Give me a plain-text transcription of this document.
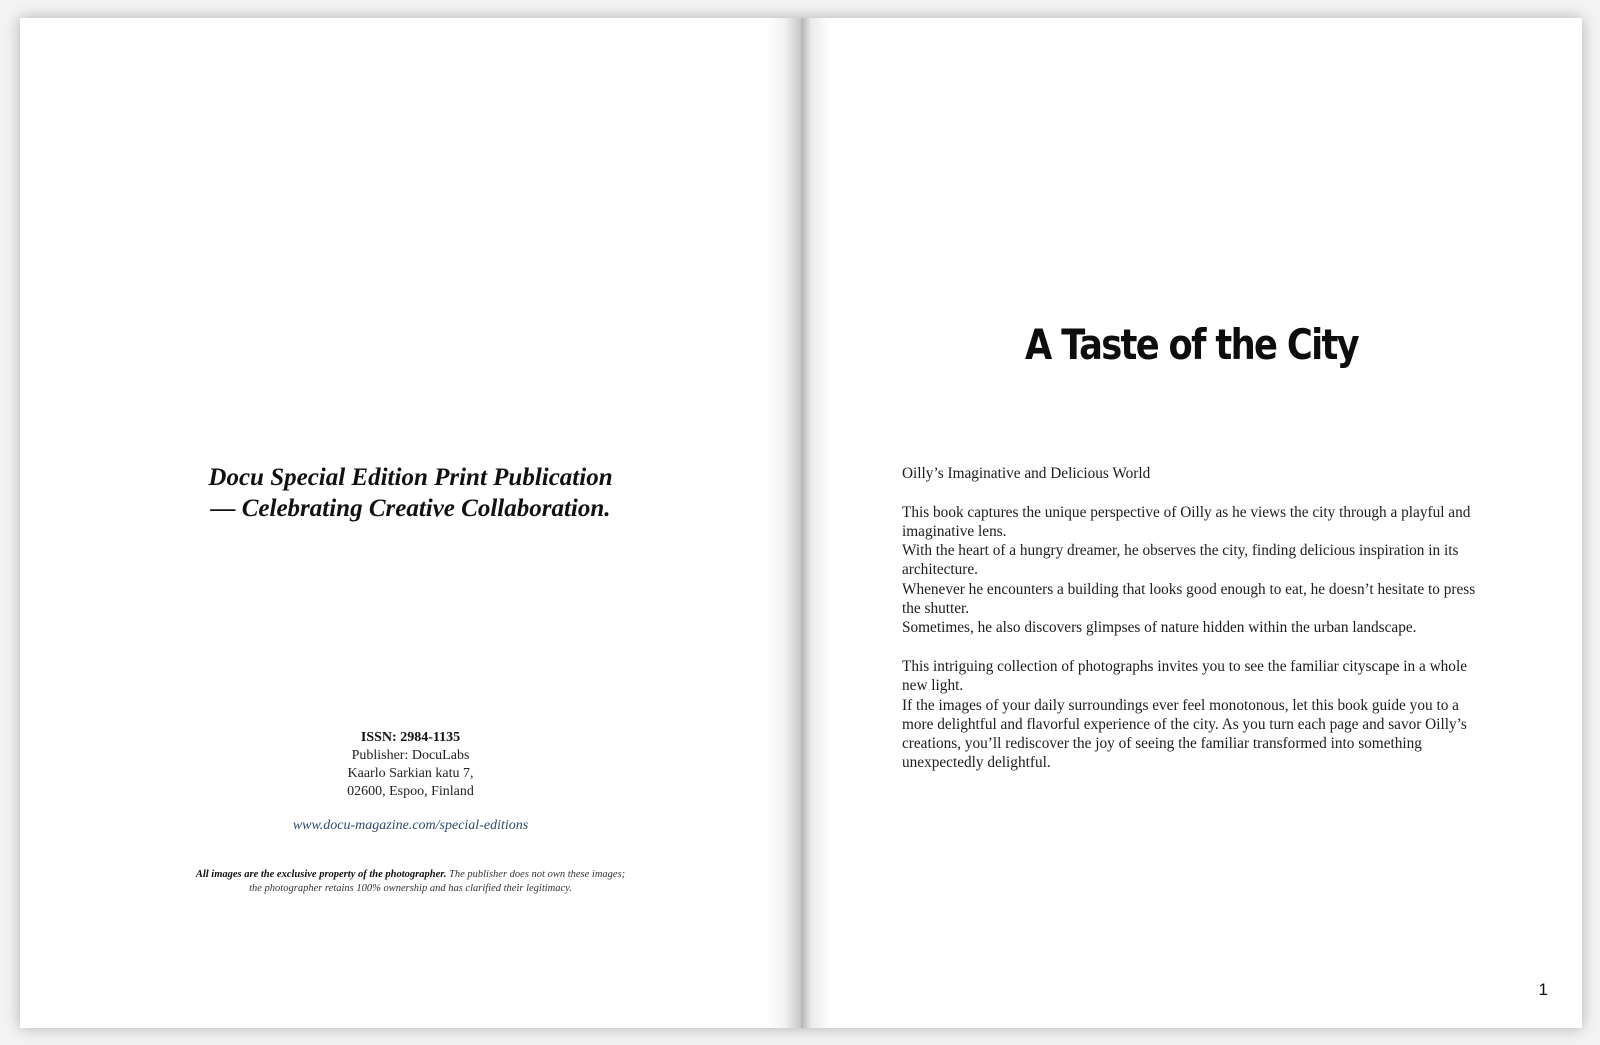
Docu Special Edition Print Publication
— Celebrating Creative Collaboration.
ISSN: 2984-1135
Publisher: DocuLabs
Kaarlo Sarkian katu 7,
02600, Espoo, Finland
www.docu-magazine.com/special-editions
All images are the exclusive property of the photographer. The publisher does not own these images;
the photographer retains 100% ownership and has clarified their legitimacy.
A Taste of the City

Oilly’s Imaginative and Delicious World

This book captures the unique perspective of Oilly as he views the city through a playful and imaginative lens.

With the heart of a hungry dreamer, he observes the city, finding delicious inspiration in its architecture.

Whenever he encounters a building that looks good enough to eat, he doesn’t hesitate to press the shutter.

Sometimes, he also discovers glimpses of nature hidden within the urban landscape.

This intriguing collection of photographs invites you to see the familiar cityscape in a whole new light.

If the images of your daily surroundings ever feel monotonous, let this book guide you to a more delightful and flavorful experience of the city. As you turn each page and savor Oilly’s creations, you’ll rediscover the joy of seeing the familiar transformed into something unexpectedly delightful.

1
